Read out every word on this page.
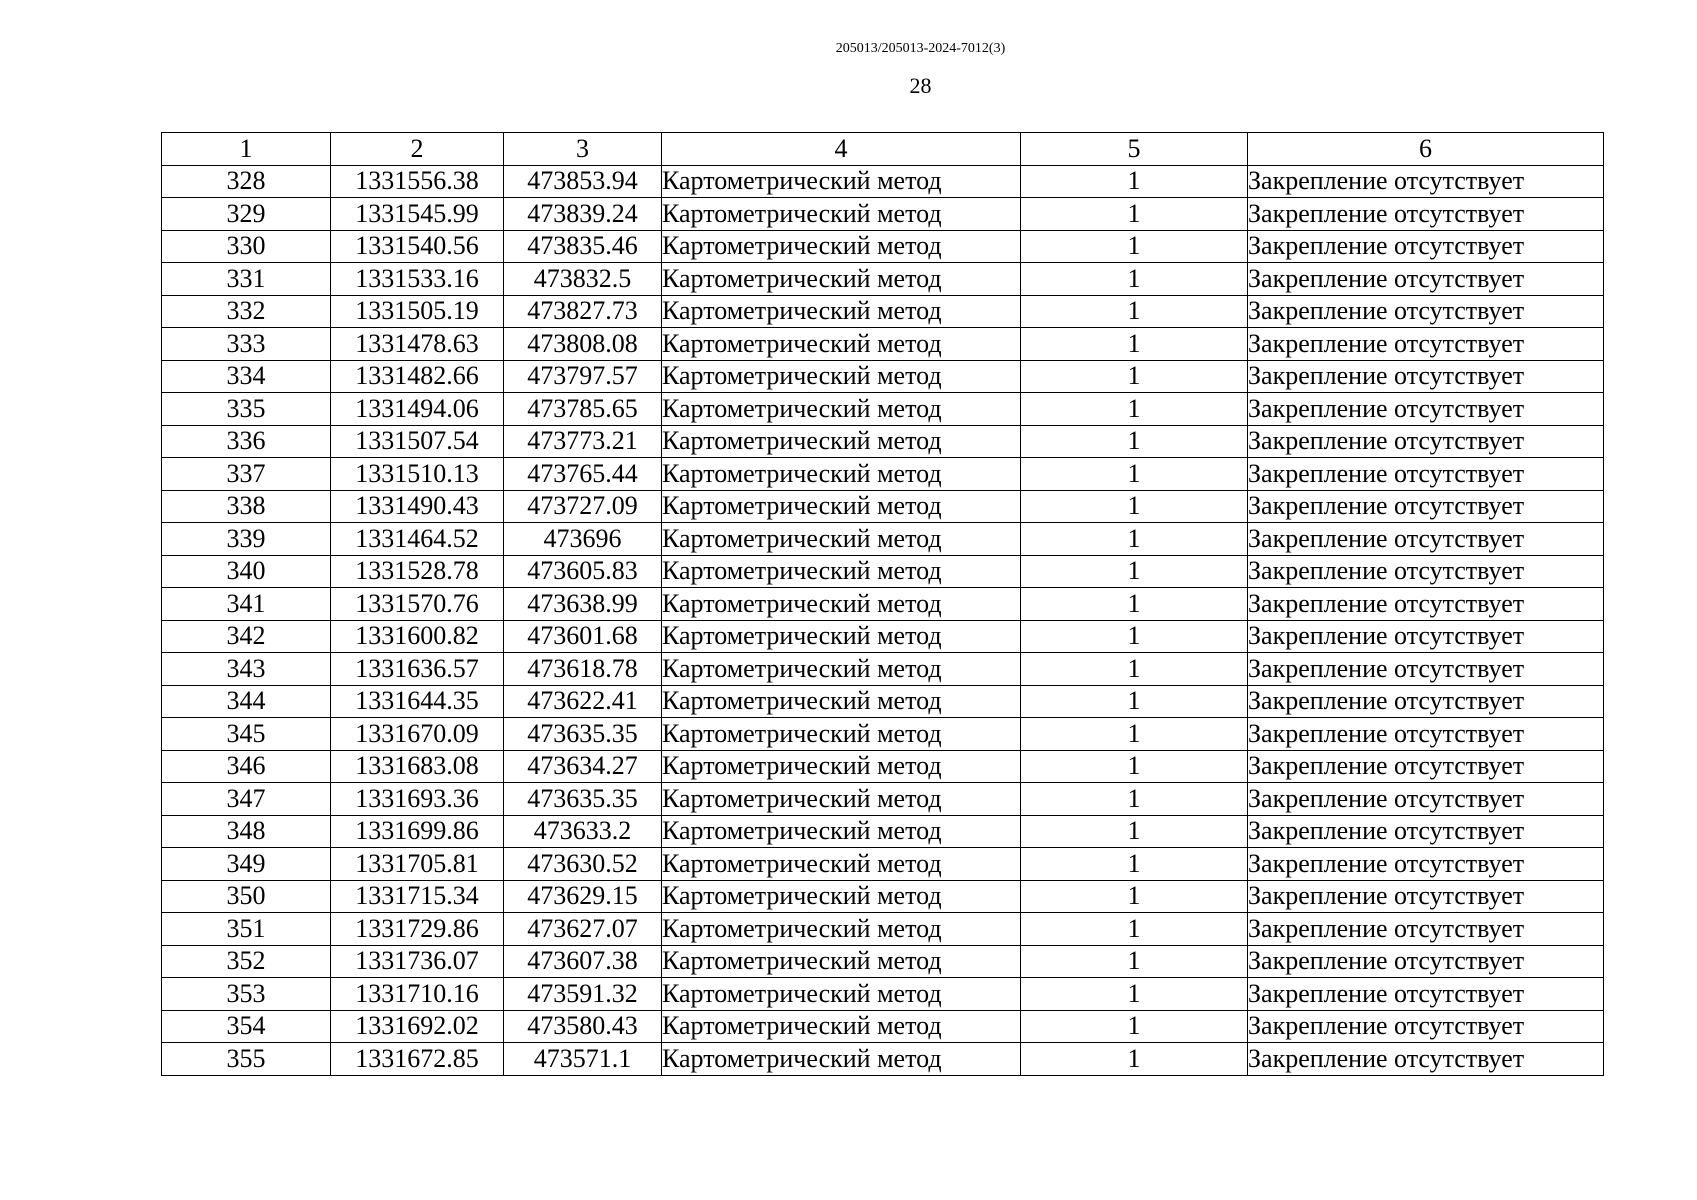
205013/205013-2024-7012(3)
28
1	2	3	4	5	6
328	1331556.38	473853.94	Картометрический метод	1	Закрепление отсутствует
329	1331545.99	473839.24	Картометрический метод	1	Закрепление отсутствует
330	1331540.56	473835.46	Картометрический метод	1	Закрепление отсутствует
331	1331533.16	473832.5	Картометрический метод	1	Закрепление отсутствует
332	1331505.19	473827.73	Картометрический метод	1	Закрепление отсутствует
333	1331478.63	473808.08	Картометрический метод	1	Закрепление отсутствует
334	1331482.66	473797.57	Картометрический метод	1	Закрепление отсутствует
335	1331494.06	473785.65	Картометрический метод	1	Закрепление отсутствует
336	1331507.54	473773.21	Картометрический метод	1	Закрепление отсутствует
337	1331510.13	473765.44	Картометрический метод	1	Закрепление отсутствует
338	1331490.43	473727.09	Картометрический метод	1	Закрепление отсутствует
339	1331464.52	473696	Картометрический метод	1	Закрепление отсутствует
340	1331528.78	473605.83	Картометрический метод	1	Закрепление отсутствует
341	1331570.76	473638.99	Картометрический метод	1	Закрепление отсутствует
342	1331600.82	473601.68	Картометрический метод	1	Закрепление отсутствует
343	1331636.57	473618.78	Картометрический метод	1	Закрепление отсутствует
344	1331644.35	473622.41	Картометрический метод	1	Закрепление отсутствует
345	1331670.09	473635.35	Картометрический метод	1	Закрепление отсутствует
346	1331683.08	473634.27	Картометрический метод	1	Закрепление отсутствует
347	1331693.36	473635.35	Картометрический метод	1	Закрепление отсутствует
348	1331699.86	473633.2	Картометрический метод	1	Закрепление отсутствует
349	1331705.81	473630.52	Картометрический метод	1	Закрепление отсутствует
350	1331715.34	473629.15	Картометрический метод	1	Закрепление отсутствует
351	1331729.86	473627.07	Картометрический метод	1	Закрепление отсутствует
352	1331736.07	473607.38	Картометрический метод	1	Закрепление отсутствует
353	1331710.16	473591.32	Картометрический метод	1	Закрепление отсутствует
354	1331692.02	473580.43	Картометрический метод	1	Закрепление отсутствует
355	1331672.85	473571.1	Картометрический метод	1	Закрепление отсутствует
